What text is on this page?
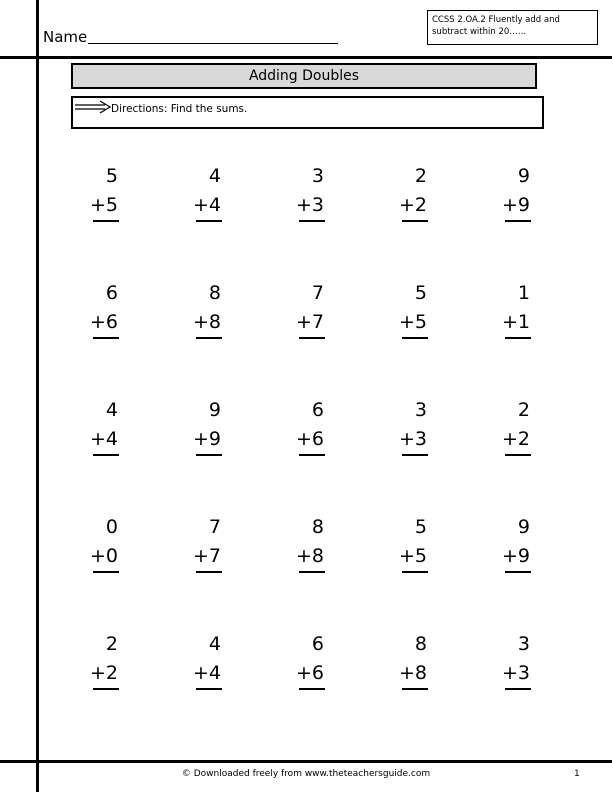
Name
CCSS 2.OA.2 Fluently add and
subtract within 20……
Adding Doubles
Directions: Find the sums.
5
+5
4
+4
3
+3
2
+2
9
+9
6
+6
8
+8
7
+7
5
+5
1
+1
4
+4
9
+9
6
+6
3
+3
2
+2
0
+0
7
+7
8
+8
5
+5
9
+9
2
+2
4
+4
6
+6
8
+8
3
+3
© Downloaded freely from www.theteachersguide.com	1
